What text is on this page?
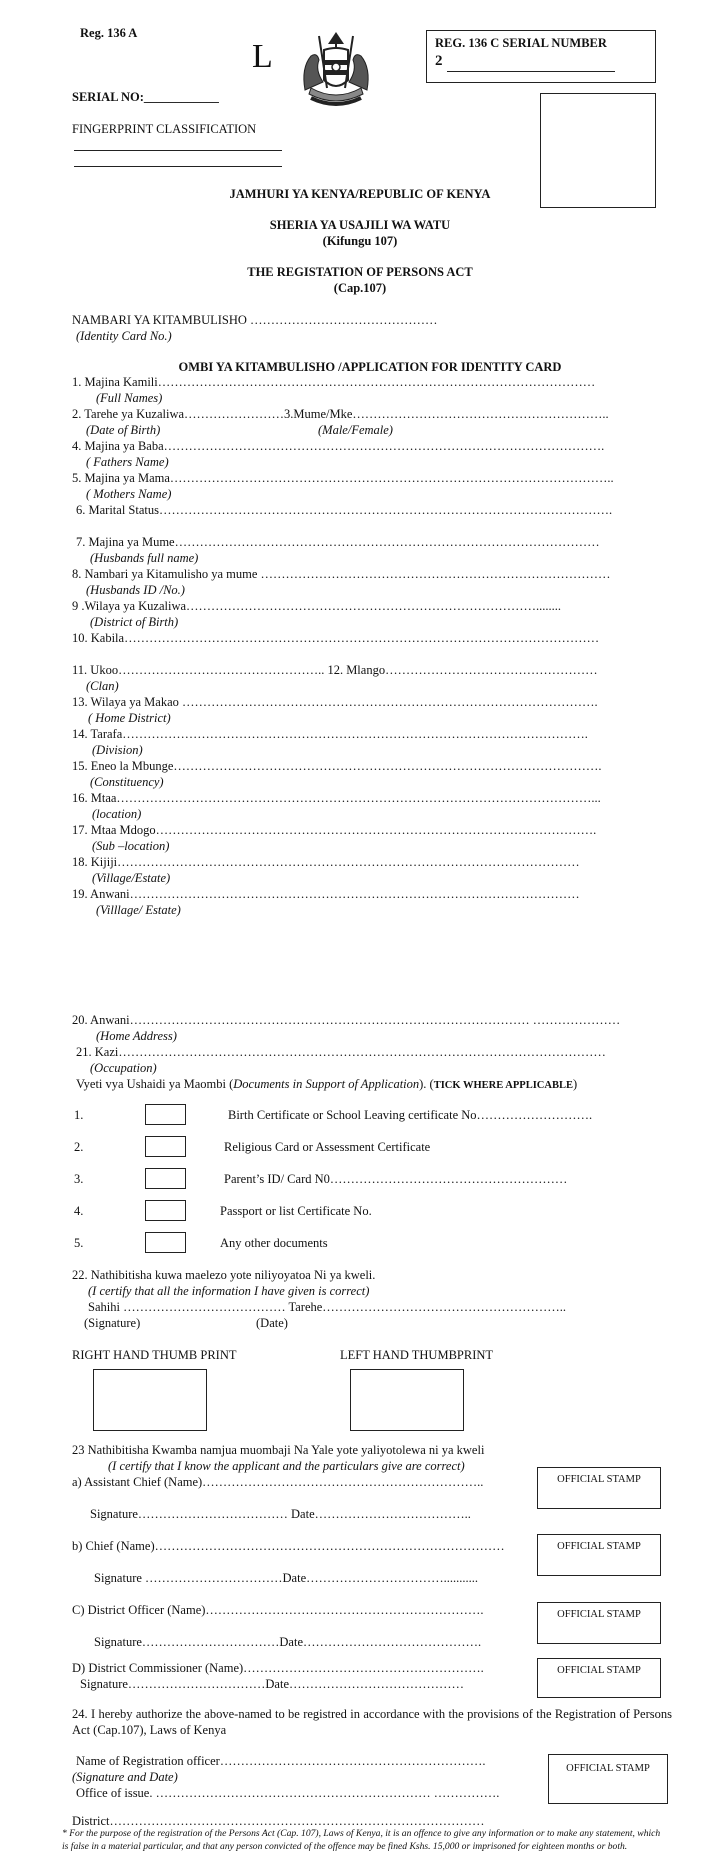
Reg. 136 A
L	REG. 136 C SERIAL NUMBER
2
SERIAL NO:____________
FINGERPRINT CLASSIFICATION
JAMHURI YA KENYA/REPUBLIC OF KENYA
SHERIA YA USAJILI WA WATU
(Kifungu 107)
THE REGISTATION OF PERSONS ACT
(Cap.107)
NAMBARI YA KITAMBULISHO ………………………………………
(Identity Card No.)
OMBI YA KITAMBULISHO /APPLICATION FOR IDENTITY CARD
1. Majina Kamili……………………………………………………………………………………………
(Full Names)
2. Tarehe ya Kuzaliwa……………………3.Mume/Mke……………………………………………………..
(Date of Birth)	(Male/Female)
4. Majina ya Baba…………………………………………………………………………………………….
( Fathers Name)
5. Majina ya Mama……………………………………………………………………………………………..
( Mothers Name)
6. Marital Status……………………………………………………………………………………………….
7. Majina ya Mume…………………………………………………………………………………………
(Husbands full name)
8. Nambari ya Kitamulisho ya mume …………………………………………………………………………
(Husbands ID /No.)
9 .Wilaya ya Kuzaliwa…………………………………………………………………………........
(District of Birth)
10. Kabila……………………………………………………………………………………………………
11. Ukoo………………………………………….. 12. Mlango……………………………………………
(Clan)
13. Wilaya ya Makao ……………………………………………………………………………………….
( Home District)
14. Tarafa………………………………………………………………………………………………….
(Division)
15. Eneo la Mbunge………………………………………………………………………………………….
(Constituency)
16. Mtaa……………………………………………………………………………………………………...
(location)
17. Mtaa Mdogo…………………………………………………………………………………………….
(Sub –location)
18. Kijiji…………………………………………………………………………………………………
(Village/Estate)
19. Anwani………………………………………………………………………………………………
(Villlage/ Estate)
20. Anwani…………………………………………………………………………………… …………………
(Home Address)
21. Kazi………………………………………………………………………………………………………
(Occupation)
Vyeti vya Ushaidi ya Maombi (Documents in Support of Application). (TICK WHERE APPLICABLE)
1.	Birth Certificate or School Leaving certificate No……………………….
2.	Religious Card or Assessment Certificate
3.	Parent’s ID/ Card N0…………………………………………………
4.	Passport or list Certificate No.
5.	Any other documents
22. Nathibitisha kuwa maelezo yote niliyoyatoa Ni ya kweli.
(I certify that all the information I have given is correct)
Sahihi ………………………………… Tarehe…………………………………………………..
(Signature)	(Date)
RIGHT HAND THUMB PRINT	LEFT HAND THUMBPRINT
23 Nathibitisha Kwamba namjua muombaji Na Yale yote yaliyotolewa ni ya kweli
(I certify that I know the applicant and the particulars give are correct)
a) Assistant Chief (Name)…………………………………………………………..
Signature……………………………… Date………………………………..
OFFICIAL STAMP
b) Chief (Name)…………………………………………………………………………
Signature ……………………………Date……………………………...........
OFFICIAL STAMP
C) District Officer (Name)………………………………………………………….
Signature……………………………Date…………………………………….
OFFICIAL STAMP
D) District Commissioner (Name)………………………………………………….
Signature……………………………Date……………………………………
OFFICIAL STAMP
24. I hereby authorize the above-named to be registred in accordance with the provisions of the Registration of Persons Act (Cap.107), Laws of Kenya
Name of Registration officer……………………………………………………….
(Signature and Date)
Office of issue. ………………………………………………………… …………….
OFFICIAL STAMP
District………………………………………………………………………………
* For the purpose of the registration of the Persons Act (Cap. 107), Laws of Kenya, it is an offence to give any information or to make any statement, which is false in a material particular, and that any person convicted of the offence may be fined Kshs. 15,000 or imprisoned for eighteen months or both.
